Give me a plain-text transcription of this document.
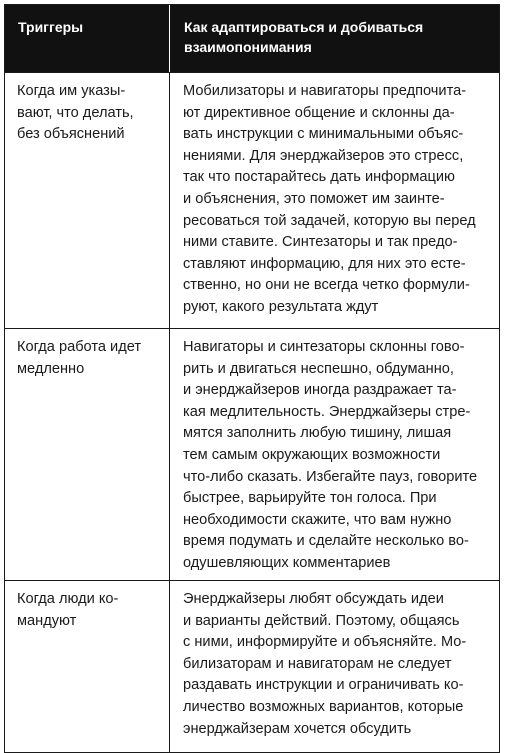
Триггеры	Как адаптироваться и добиваться
взаимопонимания
Когда им указы-
вают, что делать,
без объяснений
Мобилизаторы и навигаторы предпочита-
ют директивное общение и склонны да-
вать инструкции с минимальными объяс-
нениями. Для энерджайзеров это стресс,
так что постарайтесь дать информацию
и объяснения, это поможет им заинте-
ресоваться той задачей, которую вы перед
ними ставите. Синтезаторы и так предо-
ставляют информацию, для них это есте-
ственно, но они не всегда четко формули-
руют, какого результата ждут
Когда работа идет
медленно
Навигаторы и синтезаторы склонны гово-
рить и двигаться неспешно, обдуманно,
и энерджайзеров иногда раздражает та-
кая медлительность. Энерджайзеры стре-
мятся заполнить любую тишину, лишая
тем самым окружающих возможности
что-либо сказать. Избегайте пауз, говорите
быстрее, варьируйте тон голоса. При
необходимости скажите, что вам нужно
время подумать и сделайте несколько во-
одушевляющих комментариев
Когда люди ко-
мандуют
Энерджайзеры любят обсуждать идеи
и варианты действий. Поэтому, общаясь
с ними, информируйте и объясняйте. Мо-
билизаторам и навигаторам не следует
раздавать инструкции и ограничивать ко-
личество возможных вариантов, которые
энерджайзерам хочется обсудить
